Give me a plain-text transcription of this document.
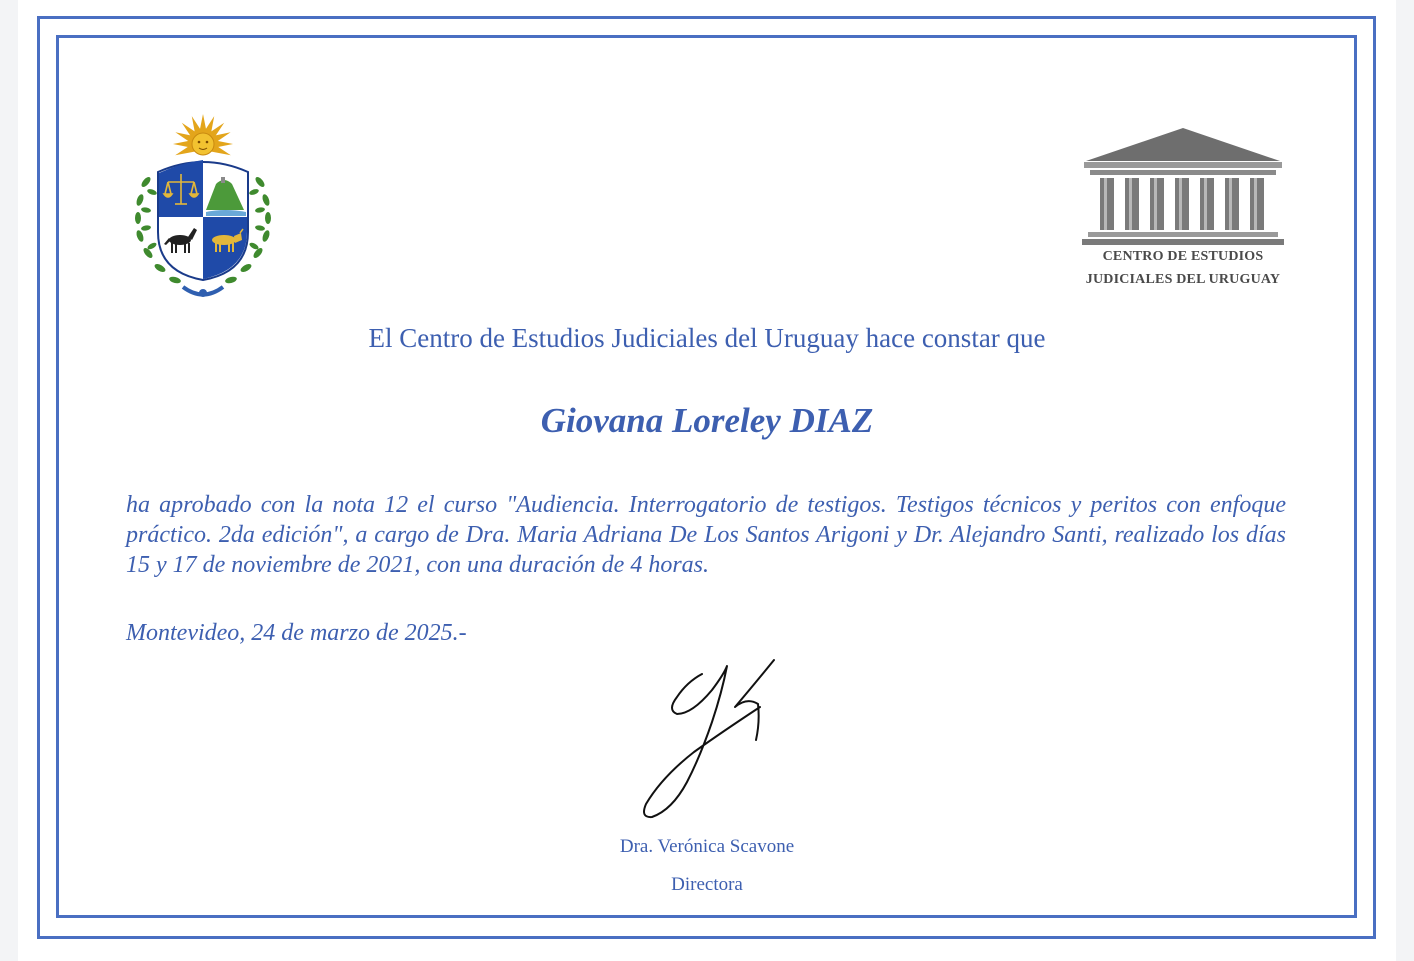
CENTRO DE ESTUDIOS
JUDICIALES DEL URUGUAY
El Centro de Estudios Judiciales del Uruguay hace constar que
Giovana Loreley DIAZ
ha aprobado con la nota 12 el curso "Audiencia. Interrogatorio de testigos. Testigos técnicos y peritos con enfoque práctico. 2da edición", a cargo de Dra. Maria Adriana De Los Santos Arigoni y Dr. Alejandro Santi, realizado los días 15 y 17 de noviembre de 2021, con una duración de 4 horas.
Montevideo, 24 de marzo de 2025.-
Dra. Verónica Scavone
Directora
